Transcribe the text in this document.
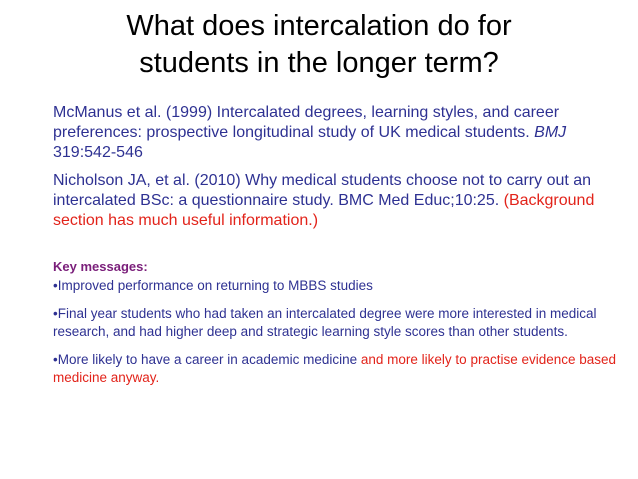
What does intercalation do for
students in the longer term?

McManus et al. (1999) Intercalated degrees, learning styles, and career preferences: prospective longitudinal study of UK medical students. BMJ 319:542-546

Nicholson JA, et al. (2010) Why medical students choose not to carry out an intercalated BSc: a questionnaire study. BMC Med Educ;10:25. (Background section has much useful information.)

Key messages:

•Improved performance on returning to MBBS studies

•Final year students who had taken an intercalated degree were more interested in medical research, and had higher deep and strategic learning style scores than other students.

•More likely to have a career in academic medicine and more likely to practise evidence based medicine anyway.
